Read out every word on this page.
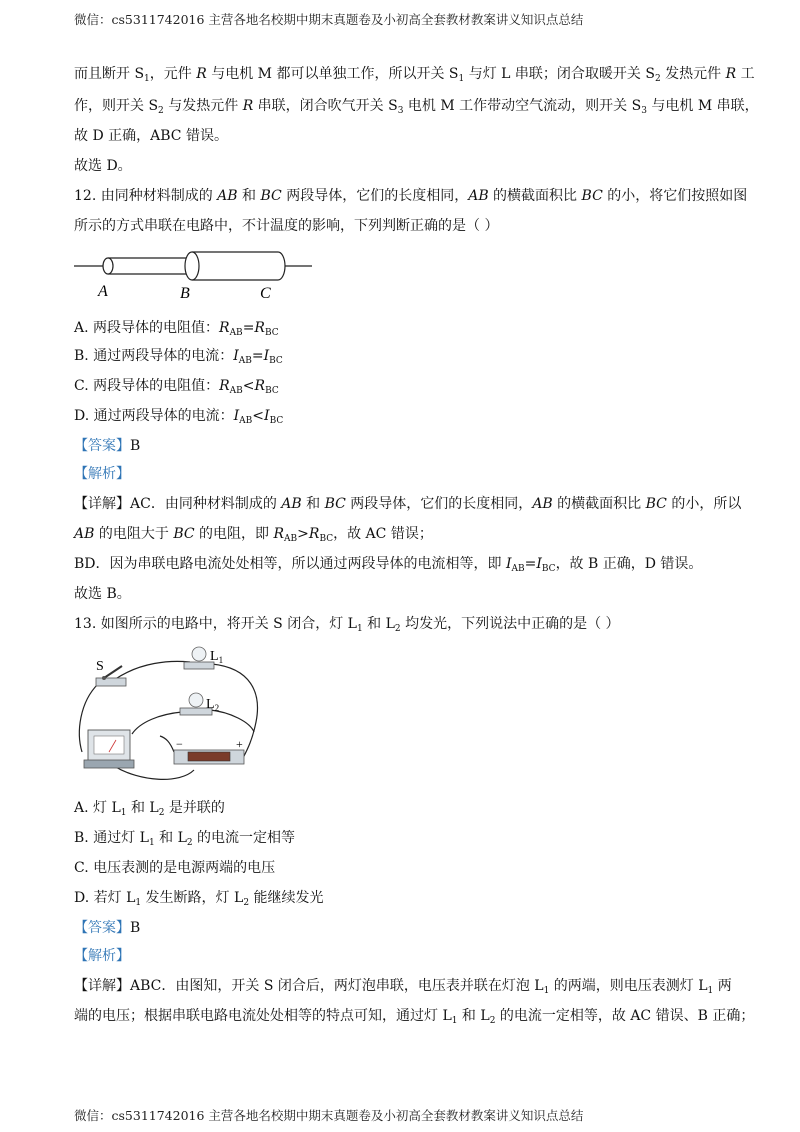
微信：cs5311742016 主营各地名校期中期末真题卷及小初高全套教材教案讲义知识点总结
而且断开 $S_1$，元件 R 与电机 M 都可以单独工作，所以开关 $S_1$ 与灯 L 串联；闭合取暖开关 $S_2$ 发热元件 R 工
作，则开关 $S_2$ 与发热元件 R 串联，闭合吹气开关 $S_3$ 电机 M 工作带动空气流动，则开关 $S_3$ 与电机 M 串联，
故 D 正确，ABC 错误。
故选 D。
12. 由同种材料制成的 AB 和 BC 两段导体，它们的长度相同，AB 的横截面积比 BC 的小，将它们按照如图
所示的方式串联在电路中，不计温度的影响，下列判断正确的是（ ）
A	B	C
A. 两段导体的电阻值：$R_{AB}=R_{BC}$
B. 通过两段导体的电流：$I_{AB}=I_{BC}$
C. 两段导体的电阻值：$R_{AB}<R_{BC}$
D. 通过两段导体的电流：$I_{AB}<I_{BC}$
【答案】B
【解析】
【详解】AC．由同种材料制成的 AB 和 BC 两段导体，它们的长度相同，AB 的横截面积比 BC 的小，所以
AB 的电阻大于 BC 的电阻，即 $R_{AB}>R_{BC}$，故 AC 错误；
BD．因为串联电路电流处处相等，所以通过两段导体的电流相等，即 $I_{AB}=I_{BC}$，故 B 正确，D 错误。
故选 B。
13. 如图所示的电路中，将开关 S 闭合，灯 $L_1$ 和 $L_2$ 均发光，下列说法中正确的是（ ）
S
$L_1$
$L_2$
−	+
A. 灯 $L_1$ 和 $L_2$ 是并联的
B. 通过灯 $L_1$ 和 $L_2$ 的电流一定相等
C. 电压表测的是电源两端的电压
D. 若灯 $L_1$ 发生断路，灯 $L_2$ 能继续发光
【答案】B
【解析】
【详解】ABC．由图知，开关 S 闭合后，两灯泡串联，电压表并联在灯泡 $L_1$ 的两端，则电压表测灯 $L_1$ 两
端的电压；根据串联电路电流处处相等的特点可知，通过灯 $L_1$ 和 $L_2$ 的电流一定相等，故 AC 错误、B 正确；
微信：cs5311742016 主营各地名校期中期末真题卷及小初高全套教材教案讲义知识点总结
